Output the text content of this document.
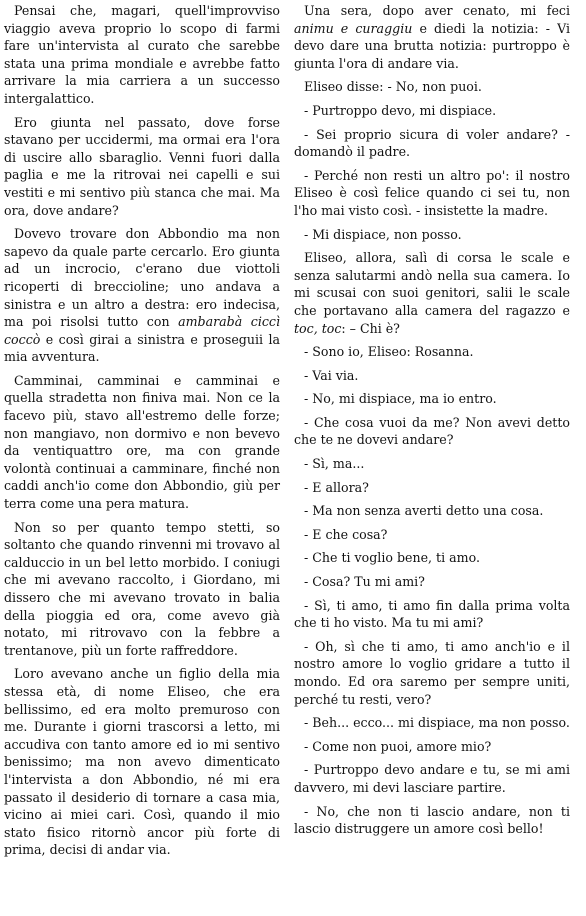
Pensai che, magari, quell'improvviso viaggio aveva proprio lo scopo di farmi fare un'intervista al curato che sarebbe stata una prima mondiale e avrebbe fatto arrivare la mia carriera a un successo intergalattico.

Ero giunta nel passato, dove forse stavano per uccidermi, ma ormai era l'ora di uscire allo sbaraglio. Venni fuori dalla paglia e me la ritrovai nei capelli e sui vestiti e mi sentivo più stanca che mai. Ma ora, dove andare?

Dovevo trovare don Abbondio ma non sapevo da quale parte cercarlo. Ero giunta ad un incrocio, c'erano due viottoli ricoperti di breccioline; uno andava a sinistra e un altro a destra: ero indecisa, ma poi risolsi tutto con ambarabà ciccì coccò e così girai a sinistra e proseguii la mia avventura.

Camminai, camminai e camminai e quella stradetta non finiva mai. Non ce la facevo più, stavo all'estremo delle forze; non mangiavo, non dormivo e non bevevo da ventiquattro ore, ma con grande volontà continuai a camminare, finché non caddi anch'io come don Abbondio, giù per terra come una pera matura.

Non so per quanto tempo stetti, so soltanto che quando rinvenni mi trovavo al calduccio in un bel letto morbido. I coniugi che mi avevano raccolto, i Giordano, mi dissero che mi avevano trovato in balia della pioggia ed ora, come avevo già notato, mi ritrovavo con la febbre a trentanove, più un forte raffreddore.

Loro avevano anche un figlio della mia stessa età, di nome Eliseo, che era bellissimo, ed era molto premuroso con me. Durante i giorni trascorsi a letto, mi accudiva con tanto amore ed io mi sentivo benissimo; ma non avevo dimenticato l'intervista a don Abbondio, né mi era passato il desiderio di tornare a casa mia, vicino ai miei cari. Così, quando il mio stato fisico ritornò ancor più forte di prima, decisi di andar via.

Una sera, dopo aver cenato, mi feci animu e curaggiu e diedi la notizia: - Vi devo dare una brutta notizia: purtroppo è giunta l'ora di andare via.

Eliseo disse: - No, non puoi.

- Purtroppo devo, mi dispiace.

- Sei proprio sicura di voler andare? - domandò il padre.

- Perché non resti un altro po': il nostro Eliseo è così felice quando ci sei tu, non l'ho mai visto così. - insistette la madre.

- Mi dispiace, non posso.

Eliseo, allora, salì di corsa le scale e senza salutarmi andò nella sua camera. Io mi scusai con suoi genitori, salii le scale che portavano alla camera del ragazzo e toc, toc: – Chi è?

- Sono io, Eliseo: Rosanna.

- Vai via.

- No, mi dispiace, ma io entro.

- Che cosa vuoi da me? Non avevi detto che te ne dovevi andare?

- Sì, ma...

- E allora?

- Ma non senza averti detto una cosa.

- E che cosa?

- Che ti voglio bene, ti amo.

- Cosa? Tu mi ami?

- Sì, ti amo, ti amo fin dalla prima volta che ti ho visto. Ma tu mi ami?

- Oh, sì che ti amo, ti amo anch'io e il nostro amore lo voglio gridare a tutto il mondo. Ed ora saremo per sempre uniti, perché tu resti, vero?

- Beh... ecco... mi dispiace, ma non posso.

- Come non puoi, amore mio?

- Purtroppo devo andare e tu, se mi ami davvero, mi devi lasciare partire.

- No, che non ti lascio andare, non ti lascio distruggere un amore così bello!
